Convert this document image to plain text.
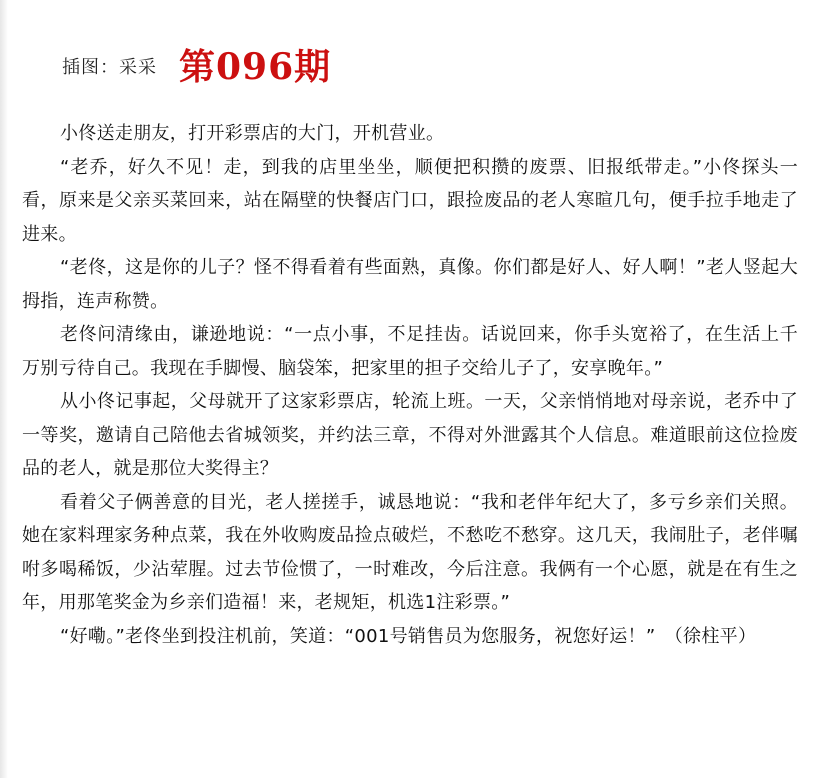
插图：采采 第096期

小佟送走朋友，打开彩票店的大门，开机营业。

“老乔，好久不见！走，到我的店里坐坐，顺便把积攒的废票、旧报纸带走。”小佟探头一看，原来是父亲买菜回来，站在隔壁的快餐店门口，跟捡废品的老人寒暄几句，便手拉手地走了进来。

“老佟，这是你的儿子？怪不得看着有些面熟，真像。你们都是好人、好人啊！”老人竖起大拇指，连声称赞。

老佟问清缘由，谦逊地说：“一点小事，不足挂齿。话说回来，你手头宽裕了，在生活上千万别亏待自己。我现在手脚慢、脑袋笨，把家里的担子交给儿子了，安享晚年。”

从小佟记事起，父母就开了这家彩票店，轮流上班。一天，父亲悄悄地对母亲说，老乔中了一等奖，邀请自己陪他去省城领奖，并约法三章，不得对外泄露其个人信息。难道眼前这位捡废品的老人，就是那位大奖得主？

看着父子俩善意的目光，老人搓搓手，诚恳地说：“我和老伴年纪大了，多亏乡亲们关照。她在家料理家务种点菜，我在外收购废品捡点破烂，不愁吃不愁穿。这几天，我闹肚子，老伴嘱咐多喝稀饭，少沾荤腥。过去节俭惯了，一时难改，今后注意。我俩有一个心愿，就是在有生之年，用那笔奖金为乡亲们造福！来，老规矩，机选1注彩票。”

“好嘞。”老佟坐到投注机前，笑道：“001号销售员为您服务，祝您好运！”　（徐柱平）
